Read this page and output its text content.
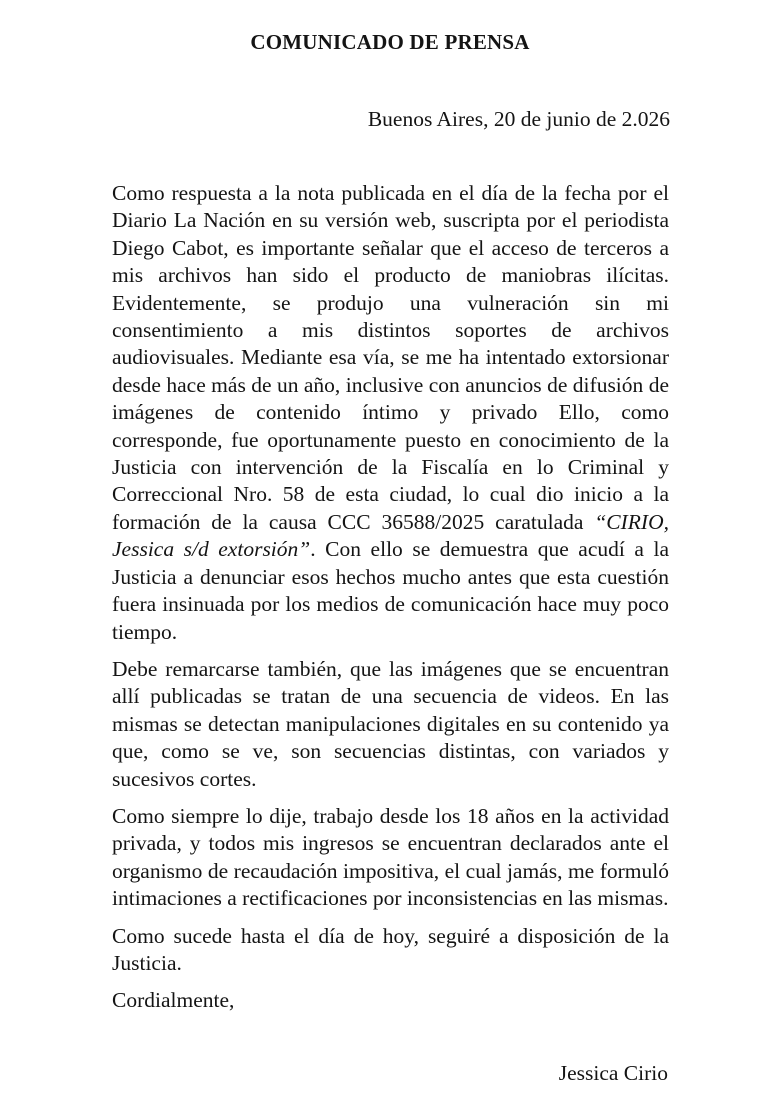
COMUNICADO DE PRENSA
Buenos Aires, 20 de junio de 2.026

Como respuesta a la nota publicada en el día de la fecha por el Diario La Nación en su versión web, suscripta por el periodista Diego Cabot, es importante señalar que el acceso de terceros a mis archivos han sido el producto de maniobras ilícitas. Evidentemente, se produjo una vulneración sin mi consentimiento a mis distintos soportes de archivos audiovisuales. Mediante esa vía, se me ha intentado extorsionar desde hace más de un año, inclusive con anuncios de difusión de imágenes de contenido íntimo y privado Ello, como corresponde, fue oportunamente puesto en conocimiento de la Justicia con intervención de la Fiscalía en lo Criminal y Correccional Nro. 58 de esta ciudad, lo cual dio inicio a la formación de la causa CCC 36588/2025 caratulada “CIRIO, Jessica s/d extorsión”. Con ello se demuestra que acudí a la Justicia a denunciar esos hechos mucho antes que esta cuestión fuera insinuada por los medios de comunicación hace muy poco tiempo.

Debe remarcarse también, que las imágenes que se encuentran allí publicadas se tratan de una secuencia de videos. En las mismas se detectan manipulaciones digitales en su contenido ya que, como se ve, son secuencias distintas, con variados y sucesivos cortes.

Como siempre lo dije, trabajo desde los 18 años en la actividad privada, y todos mis ingresos se encuentran declarados ante el organismo de recaudación impositiva, el cual jamás, me formuló intimaciones a rectificaciones por inconsistencias en las mismas.

Como sucede hasta el día de hoy, seguiré a disposición de la Justicia.

Cordialmente,

Jessica Cirio
